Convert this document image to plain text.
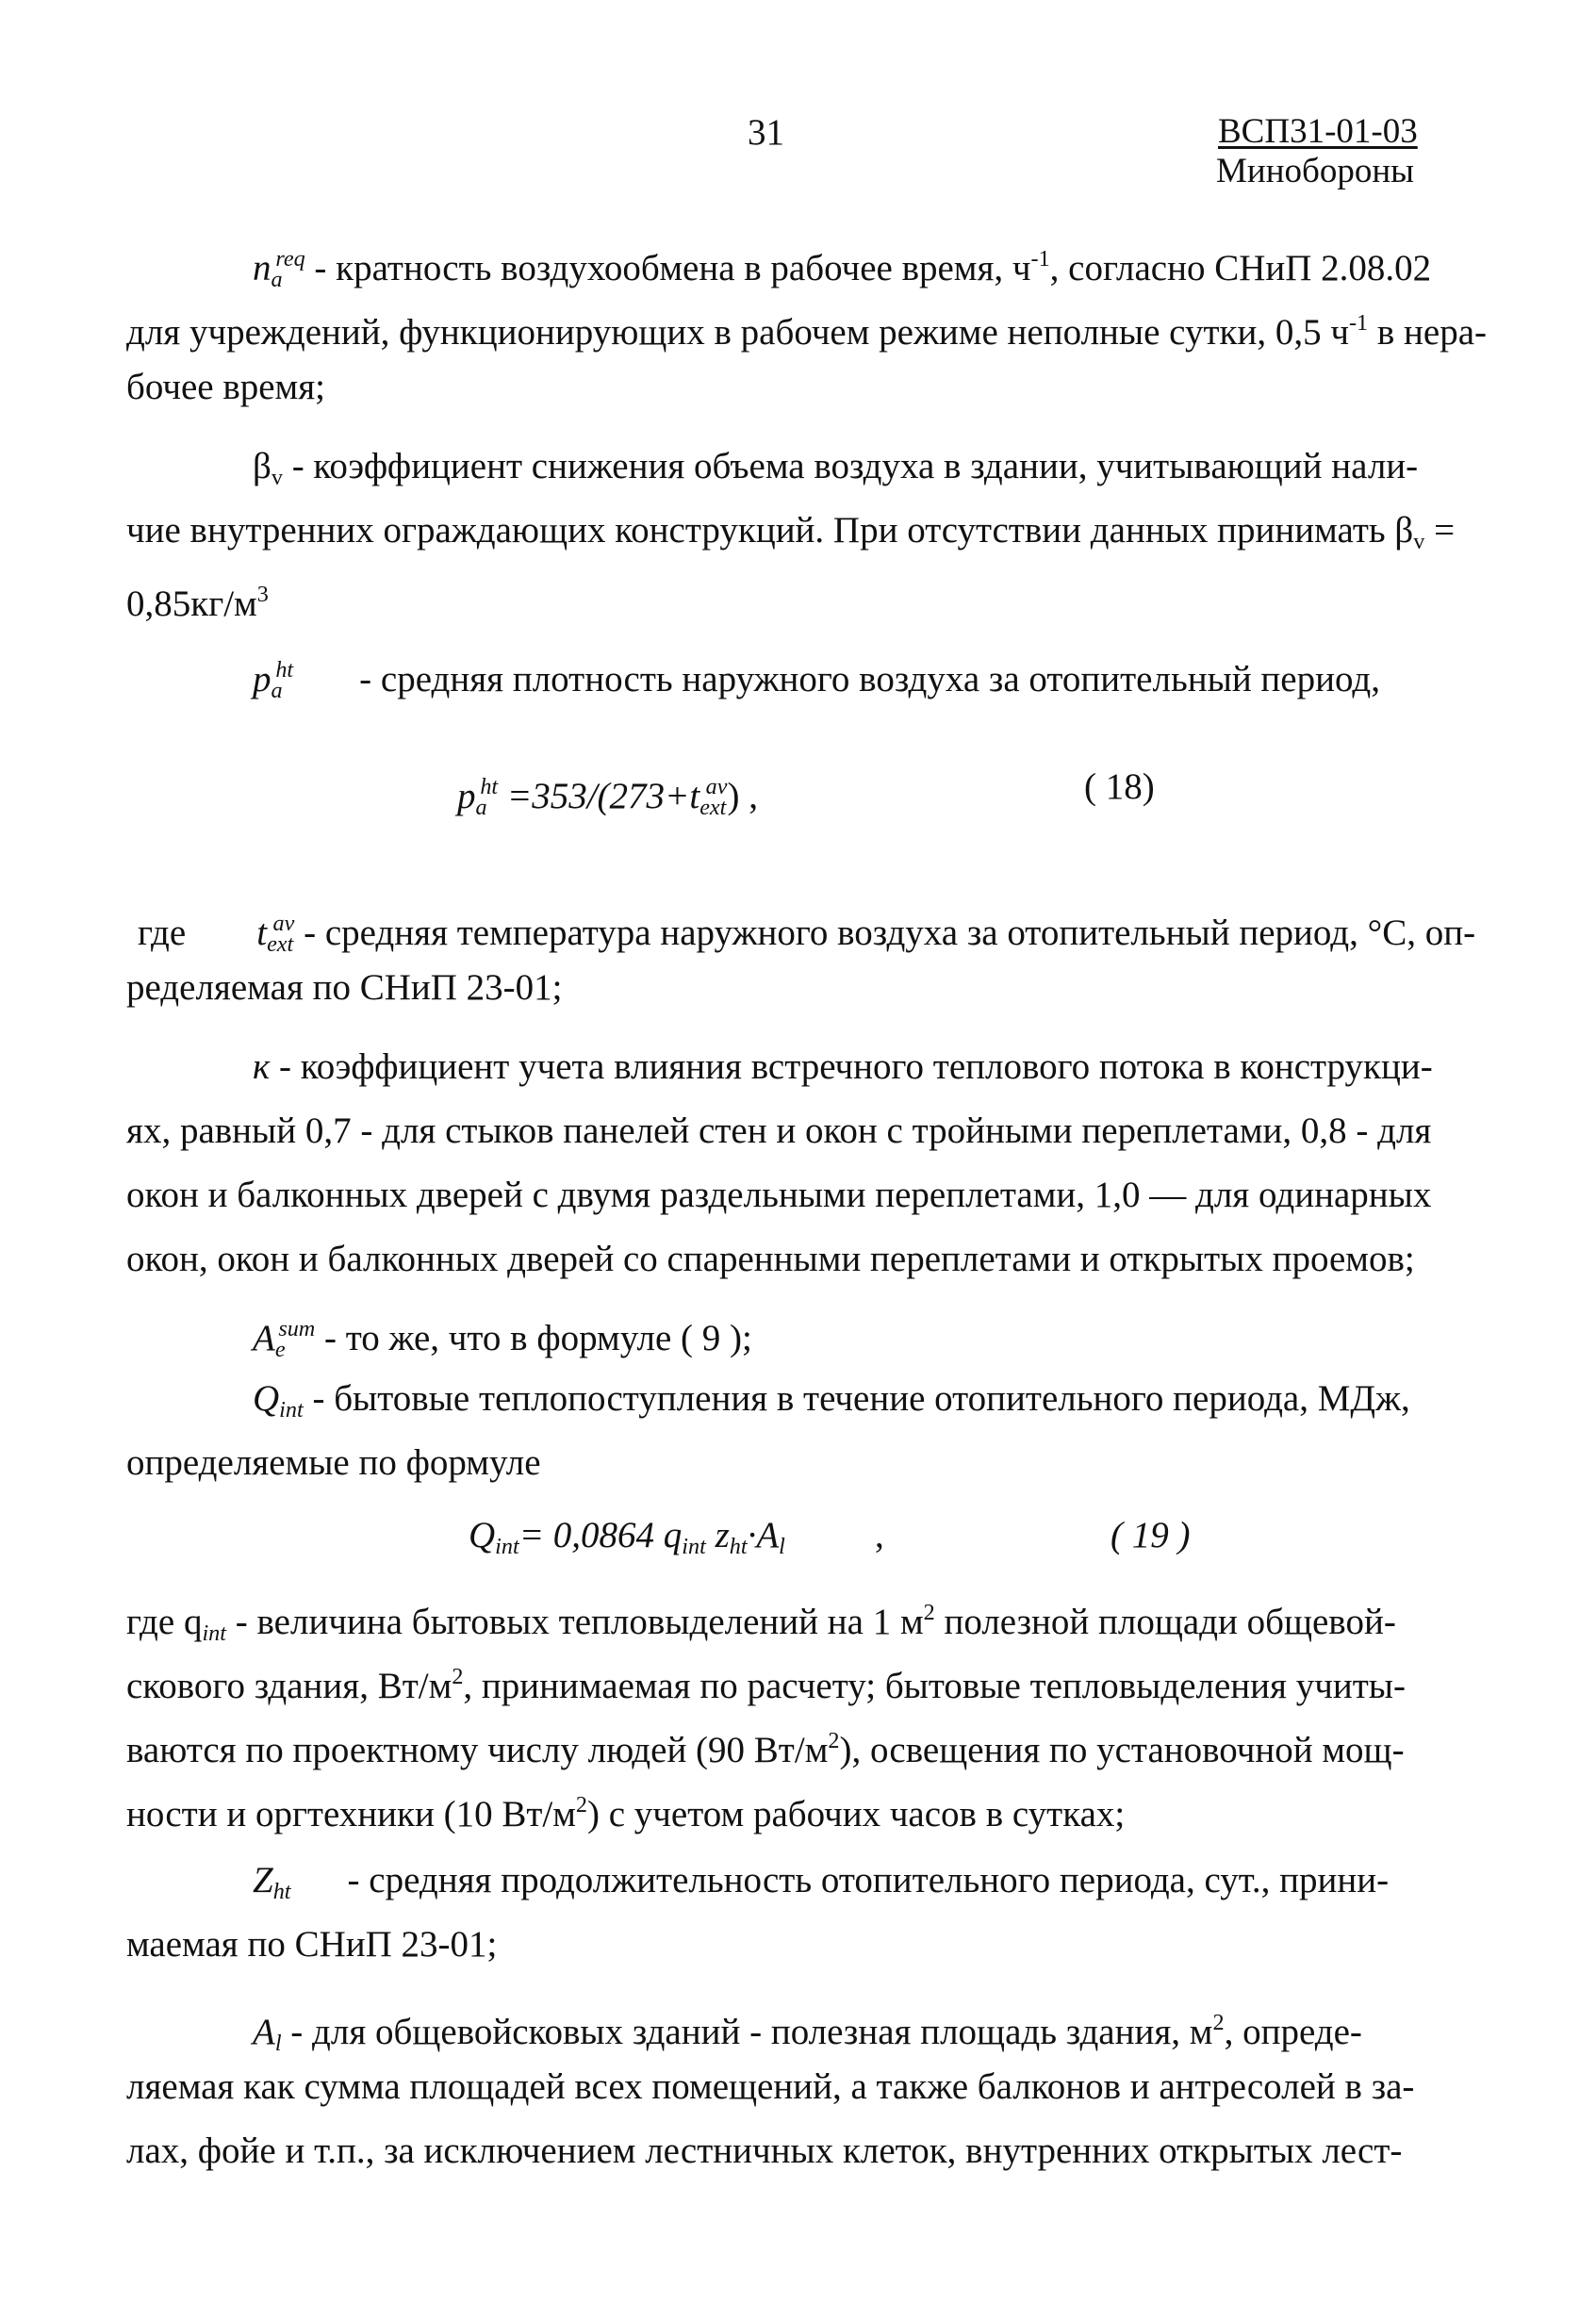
31	ВСП31-01-03
Минобороны
$n_a^{req}$ - кратность воздухообмена в рабочее время, $ч^{-1}$, согласно СНиП 2.08.02
для учреждений, функционирующих в рабочем режиме неполные сутки, 0,5 $ч^{-1}$ в нера-
бочее время;
$\beta_v$ - коэффициент снижения объема воздуха в здании, учитывающий нали-
чие внутренних ограждающих конструкций. При отсутствии данных принимать $\beta_v$ =
$0,85кг/м^3$
$p_a^{ht}$ - средняя плотность наружного воздуха за отопительный период,
$p_a^{ht} =353/(273+t_{ext}^{av})$ ,	( 18)
где $t_{ext}^{av}$ - средняя температура наружного воздуха за отопительный период, °С, оп-
ределяемая по СНиП 23-01;
к - коэффициент учета влияния встречного теплового потока в конструкци-
ях, равный 0,7 - для стыков панелей стен и окон с тройными переплетами, 0,8 - для
окон и балконных дверей с двумя раздельными переплетами, 1,0 — для одинарных
окон, окон и балконных дверей со спаренными переплетами и открытых проемов;
$A_e^{sum}$ - то же, что в формуле ( 9 );
$Q_{int}$ - бытовые теплопоступления в течение отопительного периода, МДж,
определяемые по формуле
$Q_{int}= 0,0864$ $q_{int}$ $z_{ht}\cdot A_l$ ,	( 19 )
где $q_{int}$ - величина бытовых тепловыделений на 1 $м^2$ полезной площади общевой-
скового здания, $Вт/м^2$, принимаемая по расчету; бытовые тепловыделения учиты-
ваются по проектному числу людей (90 $Вт/м^2$), освещения по установочной мощ-
ности и оргтехники (10 $Вт/м^2$) с учетом рабочих часов в сутках;
$Z_{ht}$ - средняя продолжительность отопительного периода, сут., прини-
маемая по СНиП 23-01;
$A_l$ - для общевойсковых зданий - полезная площадь здания, $м^2$, опреде-
ляемая как сумма площадей всех помещений, а также балконов и антресолей в за-
лах, фойе и т.п., за исключением лестничных клеток, внутренних открытых лест-
